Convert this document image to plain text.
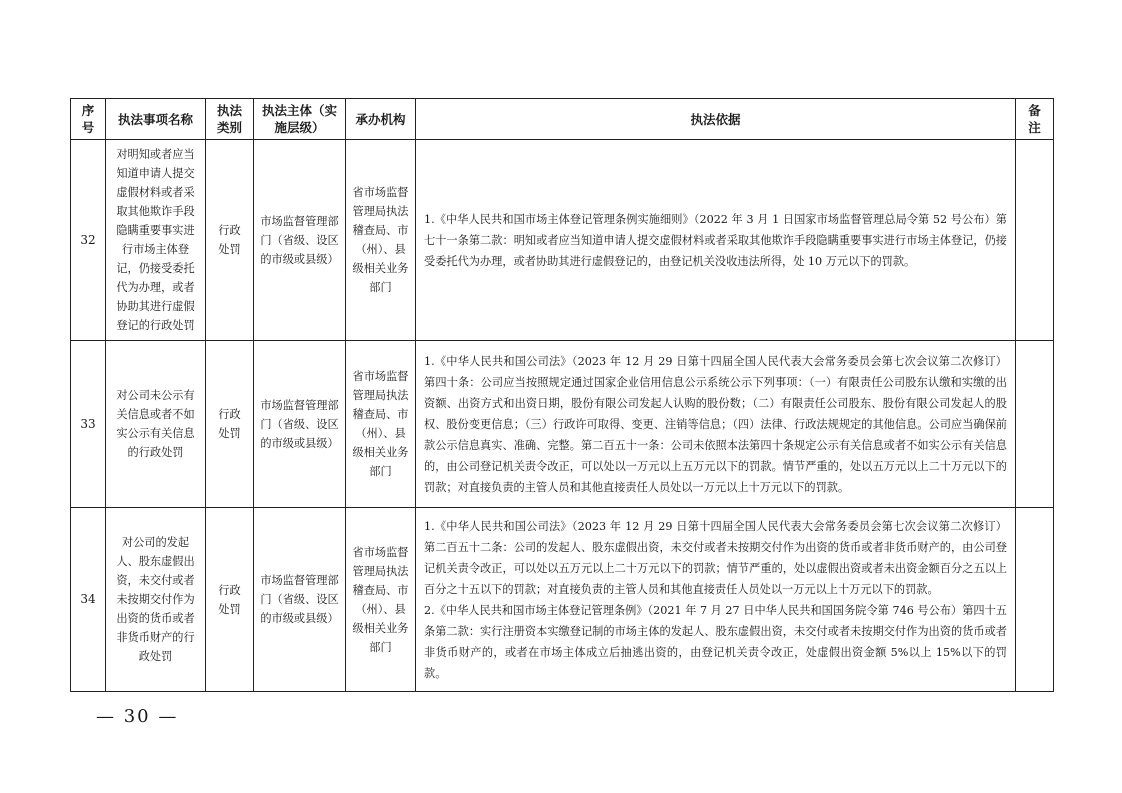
序号	执法事项名称	执法类别	执法主体（实施层级）	承办机构	执法依据	备注
32	对明知或者应当知道申请人提交虚假材料或者采取其他欺诈手段隐瞒重要事实进行市场主体登记，仍接受委托代为办理，或者协助其进行虚假登记的行政处罚	行政处罚	市场监督管理部门（省级、设区的市级或县级）	省市场监督管理局执法稽查局、市（州）、县级相关业务部门	1.《中华人民共和国市场主体登记管理条例实施细则》（2022 年 3 月 1 日国家市场监督管理总局令第 52 号公布）第七十一条第二款：明知或者应当知道申请人提交虚假材料或者采取其他欺诈手段隐瞒重要事实进行市场主体登记，仍接受委托代为办理，或者协助其进行虚假登记的，由登记机关没收违法所得，处 10 万元以下的罚款。	

33	对公司未公示有关信息或者不如实公示有关信息的行政处罚	行政处罚	市场监督管理部门（省级、设区的市级或县级）	省市场监督管理局执法稽查局、市（州）、县级相关业务部门	1.《中华人民共和国公司法》（2023 年 12 月 29 日第十四届全国人民代表大会常务委员会第七次会议第二次修订）第四十条：公司应当按照规定通过国家企业信用信息公示系统公示下列事项：（一）有限责任公司股东认缴和实缴的出资额、出资方式和出资日期，股份有限公司发起人认购的股份数；（二）有限责任公司股东、股份有限公司发起人的股权、股份变更信息；（三）行政许可取得、变更、注销等信息；（四）法律、行政法规规定的其他信息。公司应当确保前款公示信息真实、准确、完整。第二百五十一条：公司未依照本法第四十条规定公示有关信息或者不如实公示有关信息的，由公司登记机关责令改正，可以处以一万元以上五万元以下的罚款。情节严重的，处以五万元以上二十万元以下的罚款；对直接负责的主管人员和其他直接责任人员处以一万元以上十万元以下的罚款。	

34	对公司的发起人、股东虚假出资，未交付或者未按期交付作为出资的货币或者非货币财产的行政处罚	行政处罚	市场监督管理部门（省级、设区的市级或县级）	省市场监督管理局执法稽查局、市（州）、县级相关业务部门	1.《中华人民共和国公司法》（2023 年 12 月 29 日第十四届全国人民代表大会常务委员会第七次会议第二次修订）第二百五十二条：公司的发起人、股东虚假出资，未交付或者未按期交付作为出资的货币或者非货币财产的，由公司登记机关责令改正，可以处以五万元以上二十万元以下的罚款；情节严重的，处以虚假出资或者未出资金额百分之五以上百分之十五以下的罚款；对直接负责的主管人员和其他直接责任人员处以一万元以上十万元以下的罚款。

2.《中华人民共和国市场主体登记管理条例》（2021 年 7 月 27 日中华人民共和国国务院令第 746 号公布）第四十五条第二款：实行注册资本实缴登记制的市场主体的发起人、股东虚假出资，未交付或者未按期交付作为出资的货币或者非货币财产的，或者在市场主体成立后抽逃出资的，由登记机关责令改正，处虚假出资金额 5%以上 15%以下的罚款。	

— 30 —
